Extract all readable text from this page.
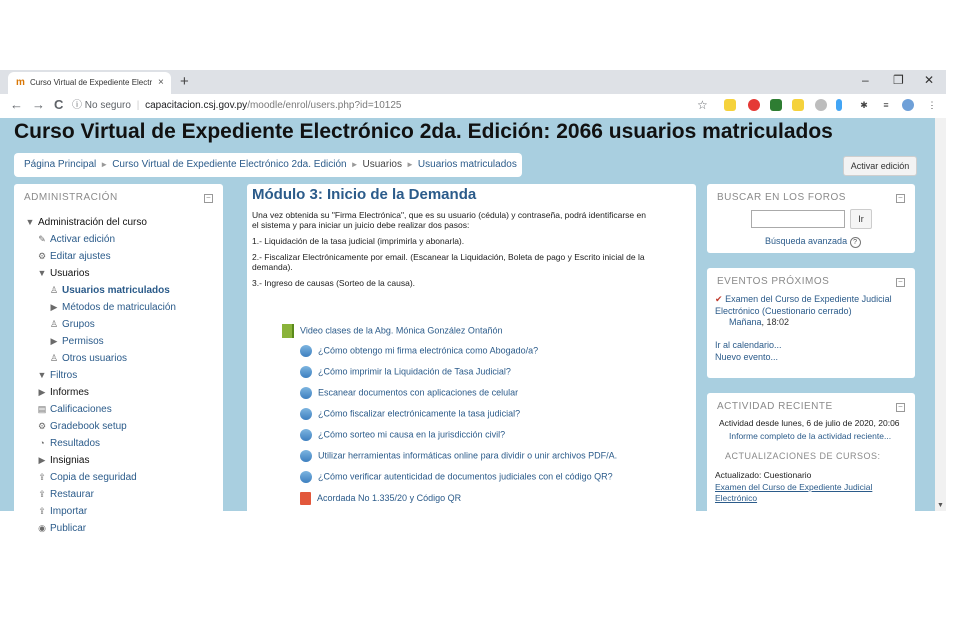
m Curso Virtual de Expediente Electr × +	– ❐ ✕
← → C ⓘ No seguro | capacitacion.csj.gov.py/moodle/enrol/users.php?id=10125	☆	✱	≡	⋮
Curso Virtual de Expediente Electrónico 2da. Edición: 2066 usuarios matriculados
Página Principal ► Curso Virtual de Expediente Electrónico 2da. Edición ► Usuarios ► Usuarios matriculados	Activar edición
ADMINISTRACIÓN	–
▼ Administración del curso
✎ Activar edición
⚙ Editar ajustes
▼ Usuarios
♙ Usuarios matriculados
▶ Métodos de matriculación
♙ Grupos
▶ Permisos
♙ Otros usuarios
▼ Filtros
▶ Informes
▤ Calificaciones
⚙ Gradebook setup
◔ Resultados
▶ Insignias
⇪ Copia de seguridad
⇪ Restaurar
⇪ Importar
◉ Publicar
Módulo 3: Inicio de la Demanda

Una vez obtenida su "Firma Electrónica", que es su usuario (cédula) y contraseña, podrá identificarse en el sistema y para iniciar un juicio debe realizar dos pasos:

1.- Liquidación de la tasa judicial (imprimirla y abonarla).

2.- Fiscalizar Electrónicamente por email. (Escanear la Liquidación, Boleta de pago y Escrito inicial de la demanda).

3.- Ingreso de causas (Sorteo de la causa).

Video clases de la Abg. Mónica González Ontañón
¿Cómo obtengo mi firma electrónica como Abogado/a?
¿Cómo imprimir la Liquidación de Tasa Judicial?
Escanear documentos con aplicaciones de celular
¿Cómo fiscalizar electrónicamente la tasa judicial?
¿Cómo sorteo mi causa en la jurisdicción civil?
Utilizar herramientas informáticas online para dividir o unir archivos PDF/A.
¿Cómo verificar autenticidad de documentos judiciales con el código QR?
Acordada No 1.335/20 y Código QR
BUSCAR EN LOS FOROS	–
Ir
Búsqueda avanzada ?
EVENTOS PRÓXIMOS	–
✔ Examen del Curso de Expediente Judicial Electrónico (Cuestionario cerrado)
Mañana, 18:02
Ir al calendario...
Nuevo evento...
ACTIVIDAD RECIENTE	–
Actividad desde lunes, 6 de julio de 2020, 20:06
Informe completo de la actividad reciente...
ACTUALIZACIONES DE CURSOS:
Actualizado: Cuestionario
Examen del Curso de Expediente Judicial Electrónico
▼
